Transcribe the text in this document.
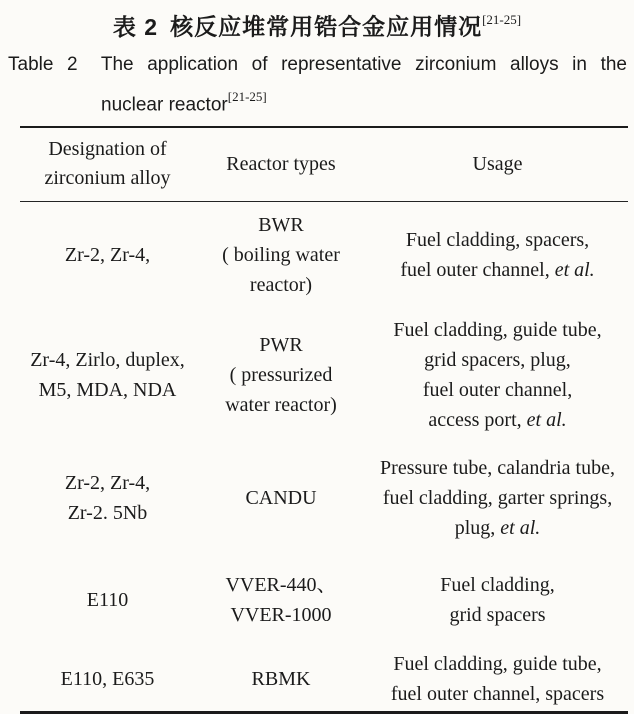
表 2 核反应堆常用锆合金应用情况[21-25]
Table 2 The application of representative zirconium alloys in the
nuclear reactor[21-25]
Designation of
zirconium alloy
Reactor types	Usage
Zr-2, Zr-4,
BWR
( boiling water
reactor)
Fuel cladding, spacers,
fuel outer channel, et al.
Zr-4, Zirlo, duplex,
M5, MDA, NDA
PWR
( pressurized
water reactor)
Fuel cladding, guide tube,
grid spacers, plug,
fuel outer channel,
access port, et al.
Zr-2, Zr-4,
Zr-2. 5Nb
CANDU
Pressure tube, calandria tube,
fuel cladding, garter springs,
plug, et al.
E110
VVER-440、
VVER-1000
Fuel cladding,
grid spacers
E110, E635	RBMK
Fuel cladding, guide tube,
fuel outer channel, spacers
